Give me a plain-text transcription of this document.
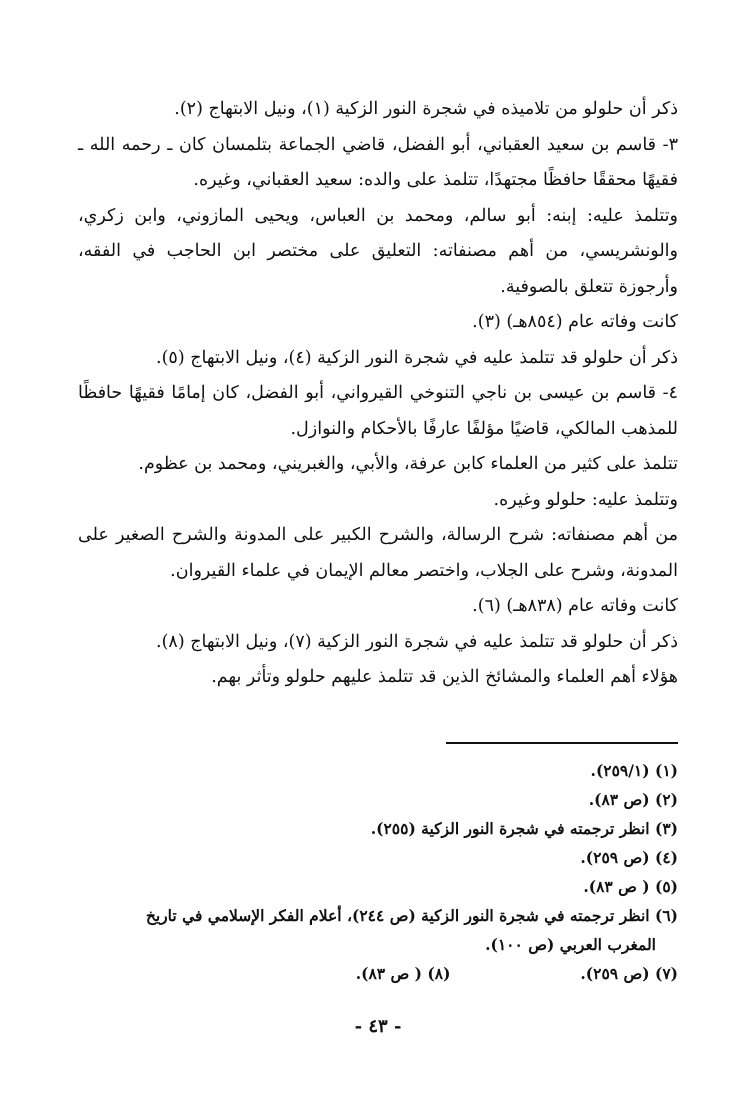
ذكر أن حلولو من تلاميذه في شجرة النور الزكية (١)، ونيل الابتهاج (٢).

٣- قاسم بن سعيد العقباني، أبو الفضل، قاضي الجماعة بتلمسان كان ـ رحمه الله ـ فقيهًا محققًا حافظًا مجتهدًا، تتلمذ على والده: سعيد العقباني، وغيره.

وتتلمذ عليه: إبنه: أبو سالم، ومحمد بن العباس، ويحيى المازوني، وابن زكري، والونشريسي، من أهم مصنفاته: التعليق على مختصر ابن الحاجب في الفقه، وأرجوزة تتعلق بالصوفية.

كانت وفاته عام (٨٥٤هـ) (٣).

ذكر أن حلولو قد تتلمذ عليه في شجرة النور الزكية (٤)، ونيل الابتهاج (٥).

٤- قاسم بن عيسى بن ناجي التنوخي القيرواني، أبو الفضل، كان إمامًا فقيهًا حافظًا للمذهب المالكي، قاضيًا مؤلفًا عارفًا بالأحكام والنوازل.

تتلمذ على كثير من العلماء كابن عرفة، والأبي، والغبريني، ومحمد بن عظوم.

وتتلمذ عليه: حلولو وغيره.

من أهم مصنفاته: شرح الرسالة، والشرح الكبير على المدونة والشرح الصغير على المدونة، وشرح على الجلاب، واختصر معالم الإيمان في علماء القيروان.

كانت وفاته عام (٨٣٨هـ) (٦).

ذكر أن حلولو قد تتلمذ عليه في شجرة النور الزكية (٧)، ونيل الابتهاج (٨).

هؤلاء أهم العلماء والمشائخ الذين قد تتلمذ عليهم حلولو وتأثر بهم.

(١) (٢٥٩/١).

(٢) (ص ٨٣).

(٣) انظر ترجمته في شجرة النور الزكية (٢٥٥).

(٤) (ص ٢٥٩).

(٥) ( ص ٨٣).

(٦) انظر ترجمته في شجرة النور الزكية (ص ٢٤٤)، أعلام الفكر الإسلامي في تاريخ

المغرب العربي (ص ١٠٠).

(٧) (ص ٢٥٩).
(٨) ( ص ٨٣).
- ٤٣ -
